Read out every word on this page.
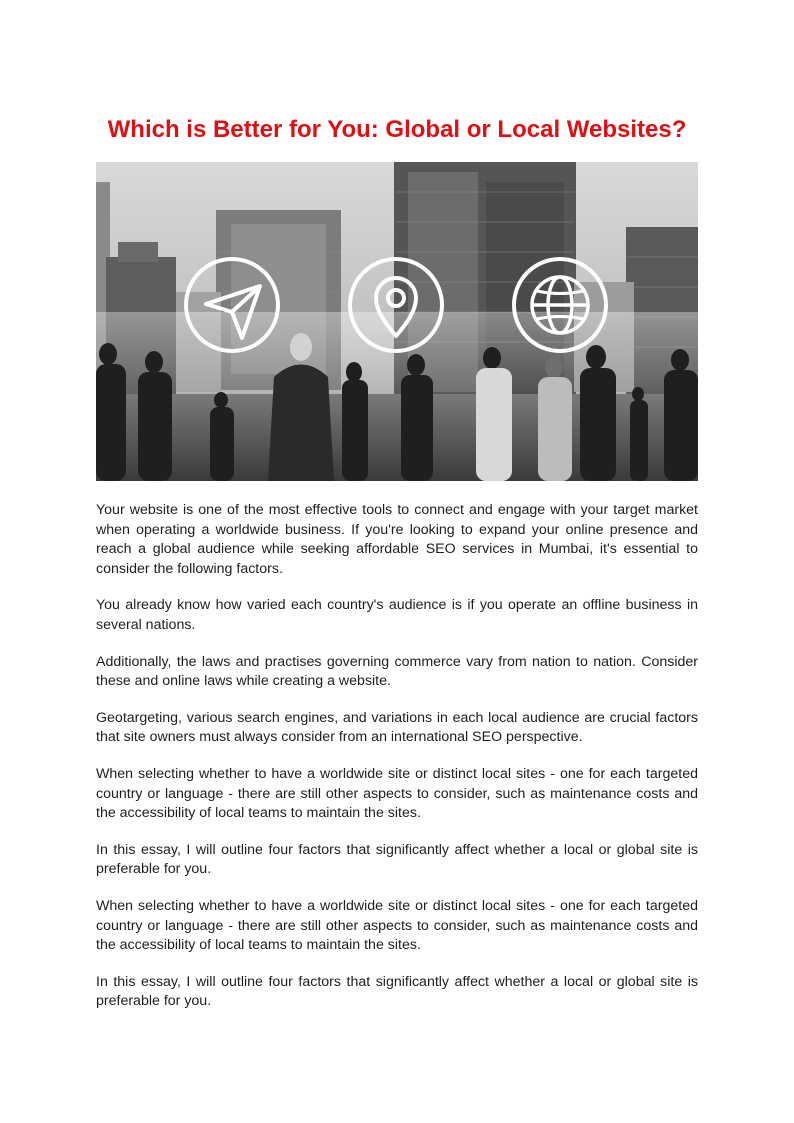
Which is Better for You: Global or Local Websites?

Your website is one of the most effective tools to connect and engage with your target market when operating a worldwide business. If you're looking to expand your online presence and reach a global audience while seeking affordable SEO services in Mumbai, it's essential to consider the following factors.

You already know how varied each country's audience is if you operate an offline business in several nations.

Additionally, the laws and practises governing commerce vary from nation to nation. Consider these and online laws while creating a website.

Geotargeting, various search engines, and variations in each local audience are crucial factors that site owners must always consider from an international SEO perspective.

When selecting whether to have a worldwide site or distinct local sites - one for each targeted country or language - there are still other aspects to consider, such as maintenance costs and the accessibility of local teams to maintain the sites.

In this essay, I will outline four factors that significantly affect whether a local or global site is preferable for you.

When selecting whether to have a worldwide site or distinct local sites - one for each targeted country or language - there are still other aspects to consider, such as maintenance costs and the accessibility of local teams to maintain the sites.

In this essay, I will outline four factors that significantly affect whether a local or global site is preferable for you.
